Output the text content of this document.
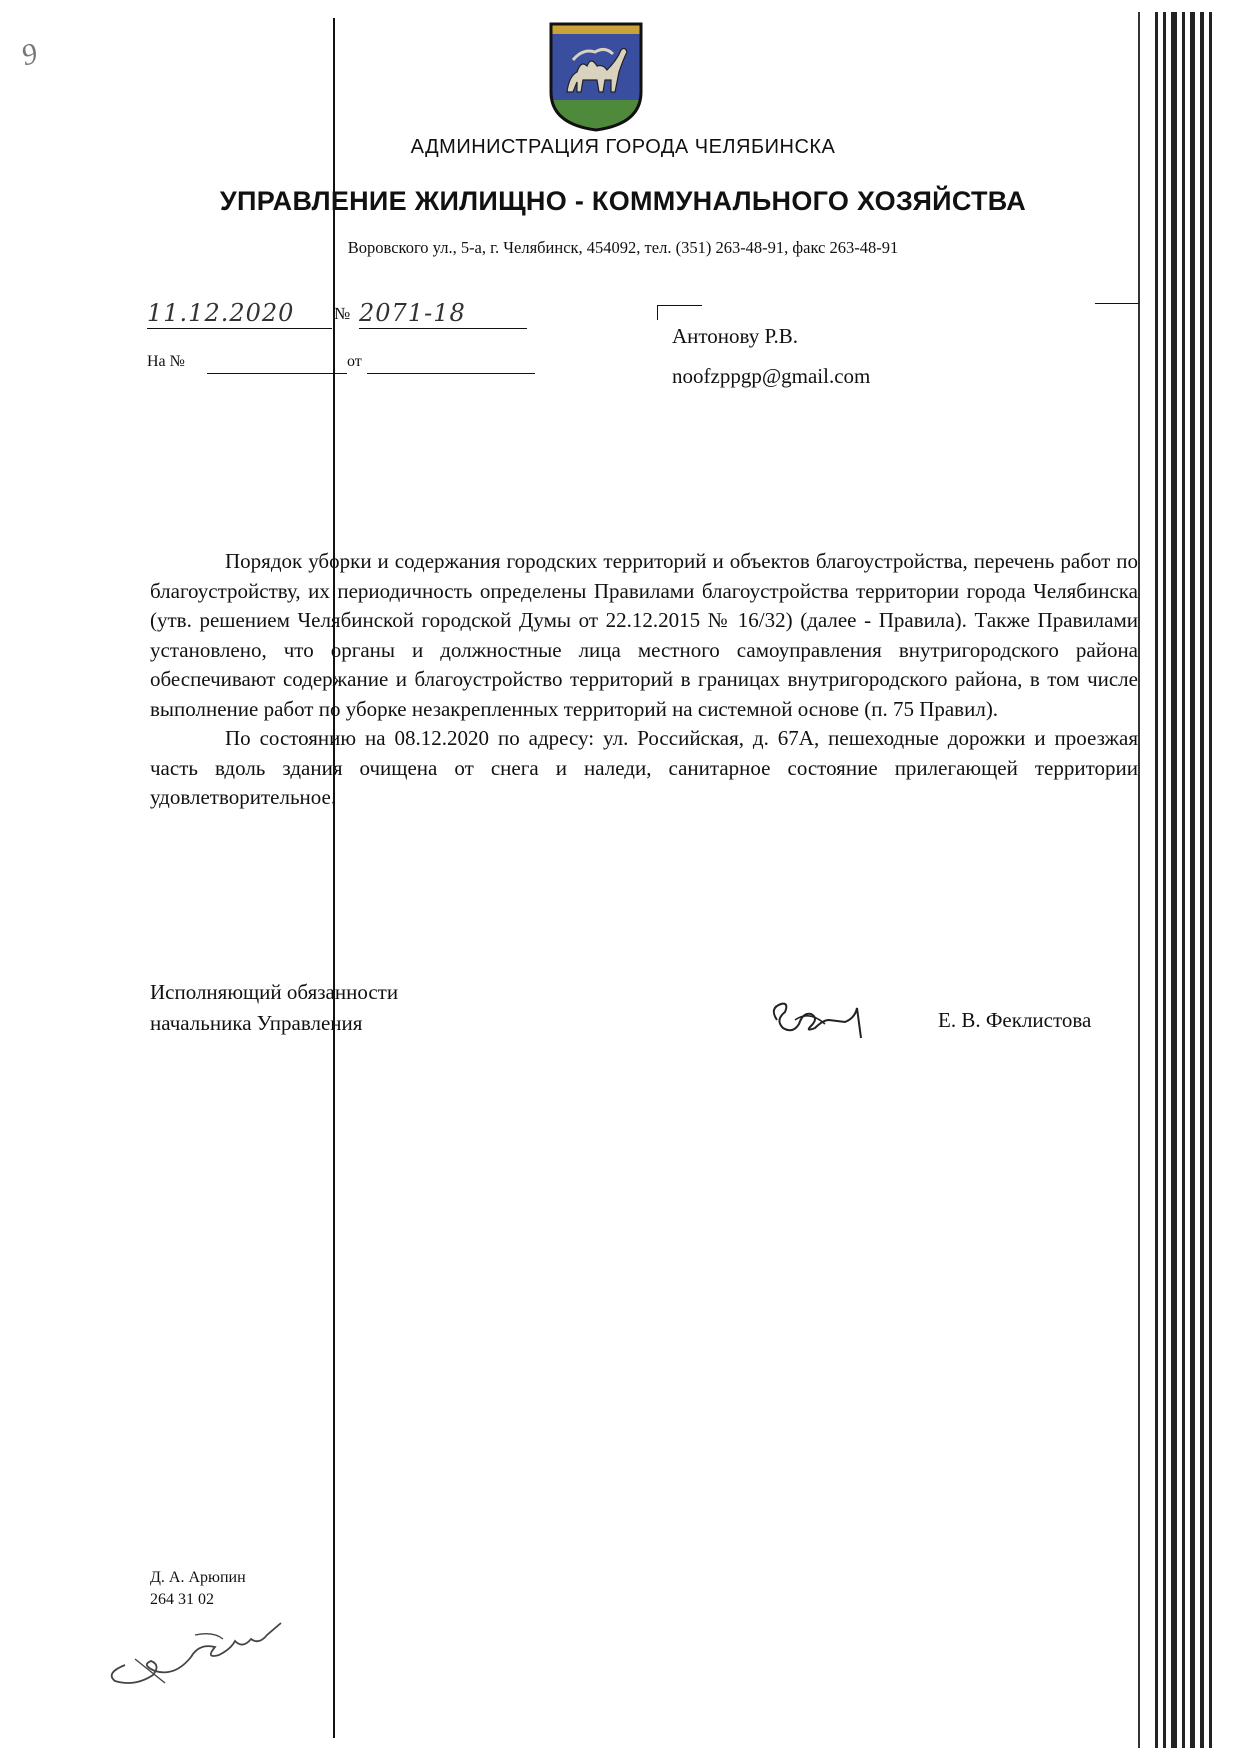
9
АДМИНИСТРАЦИЯ ГОРОДА ЧЕЛЯБИНСКА
УПРАВЛЕНИЕ ЖИЛИЩНО - КОММУНАЛЬНОГО ХОЗЯЙСТВА
Воровского ул., 5-а, г. Челябинск, 454092, тел. (351) 263-48-91, факс 263-48-91
11.12.2020	№ 2071-18
На №	от
Антонову Р.В.
noofzppgp@gmail.com

Порядок уборки и содержания городских территорий и объектов благоустройства, перечень работ по благоустройству, их периодичность определены Правилами благоустройства территории города Челябинска (утв. решением Челябинской городской Думы от 22.12.2015 № 16/32) (далее - Правила). Также Правилами установлено, что органы и должностные лица местного самоуправления внутригородского района обеспечивают содержание и благоустройство территорий в границах внутригородского района, в том числе выполнение работ по уборке незакрепленных территорий на системной основе (п. 75 Правил).

По состоянию на 08.12.2020 по адресу: ул. Российская, д. 67А, пешеходные дорожки и проезжая часть вдоль здания очищена от снега и наледи, санитарное состояние прилегающей территории удовлетворительное.

Исполняющий обязанности
начальника Управления	Е. В. Феклистова
Д. А. Арюпин
264 31 02
